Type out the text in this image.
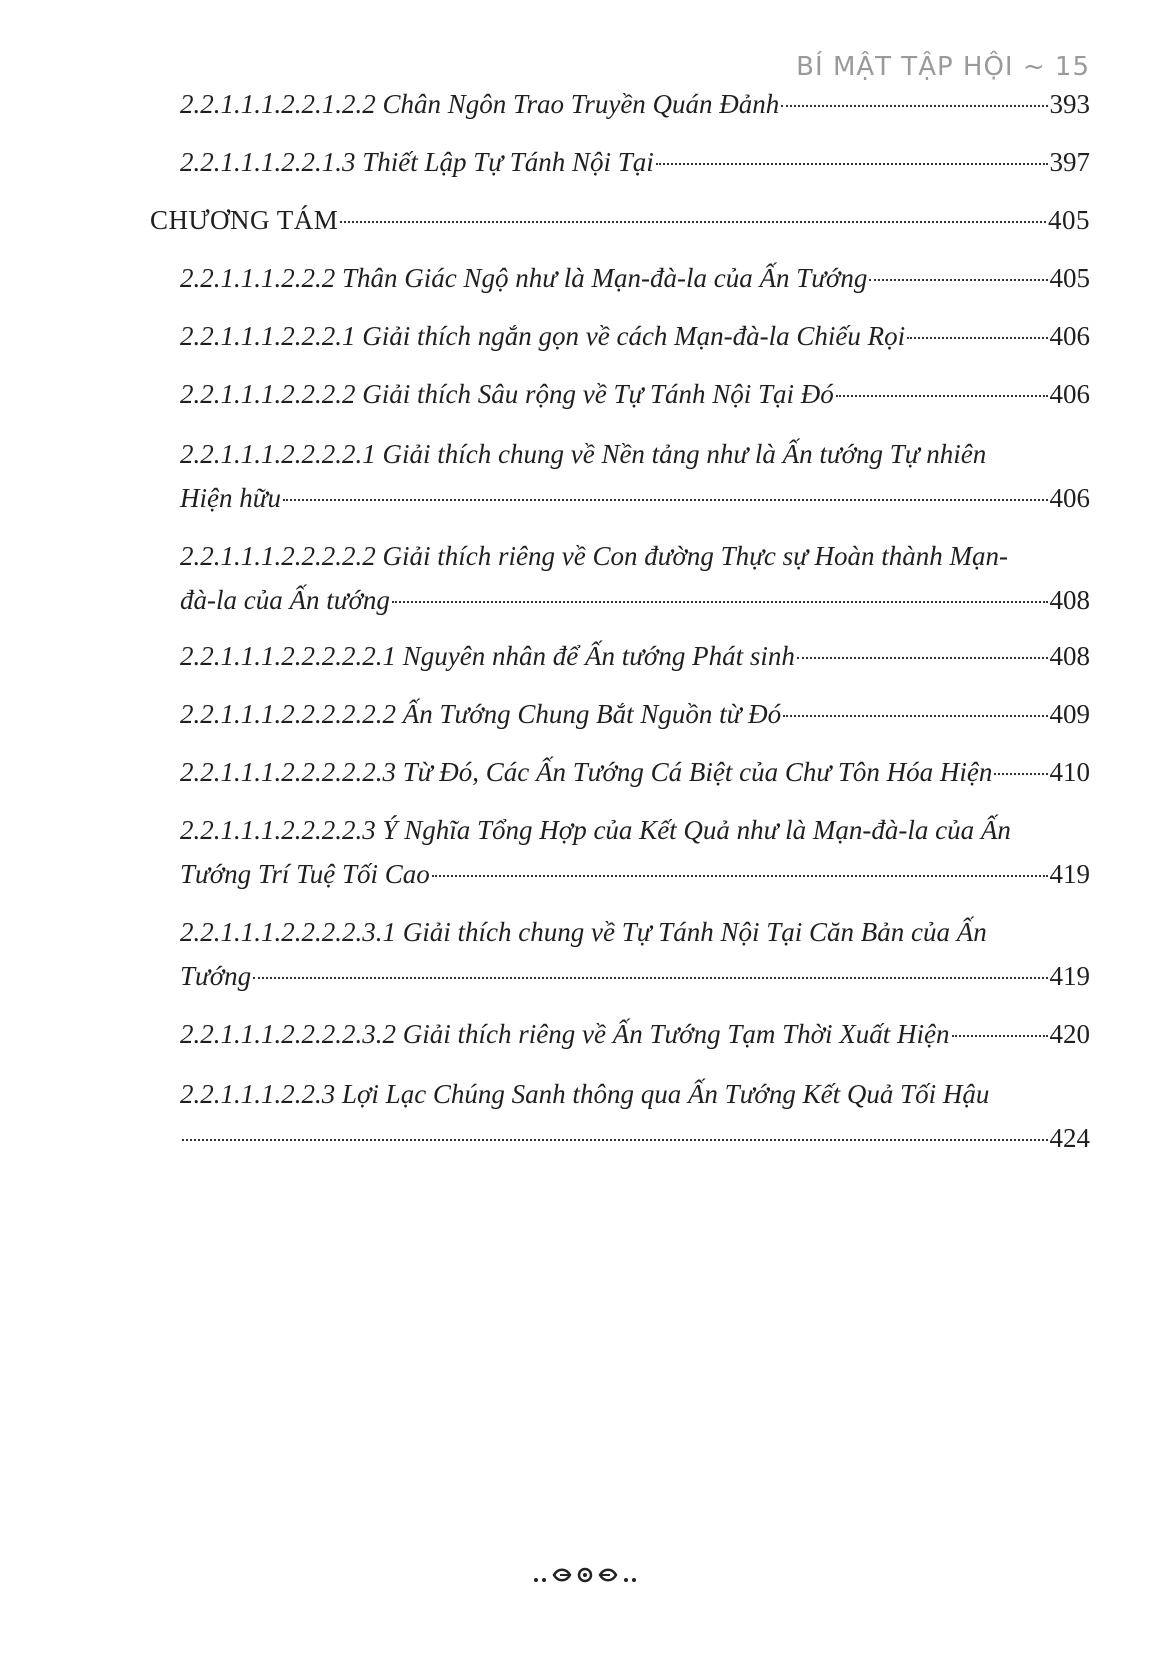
BÍ MẬT TẬP HỘI ~ 15
2.2.1.1.1.2.2.1.2.2 Chân Ngôn Trao Truyền Quán Đảnh	393
2.2.1.1.1.2.2.1.3 Thiết Lập Tự Tánh Nội Tại	397
CHƯƠNG TÁM	405
2.2.1.1.1.2.2.2 Thân Giác Ngộ như là Mạn-đà-la của Ấn Tướng	405
2.2.1.1.1.2.2.2.1 Giải thích ngắn gọn về cách Mạn-đà-la Chiếu Rọi	406
2.2.1.1.1.2.2.2.2 Giải thích Sâu rộng về Tự Tánh Nội Tại Đó	406
2.2.1.1.1.2.2.2.2.1 Giải thích chung về Nền tảng như là Ấn tướng Tự nhiên
Hiện hữu	406
2.2.1.1.1.2.2.2.2.2 Giải thích riêng về Con đường Thực sự Hoàn thành Mạn-
đà-la của Ấn tướng	408
2.2.1.1.1.2.2.2.2.2.1 Nguyên nhân để Ấn tướng Phát sinh	408
2.2.1.1.1.2.2.2.2.2.2 Ấn Tướng Chung Bắt Nguồn từ Đó	409
2.2.1.1.1.2.2.2.2.2.3 Từ Đó, Các Ấn Tướng Cá Biệt của Chư Tôn Hóa Hiện 410
2.2.1.1.1.2.2.2.2.3 Ý Nghĩa Tổng Hợp của Kết Quả như là Mạn-đà-la của Ấn
Tướng Trí Tuệ Tối Cao	419
2.2.1.1.1.2.2.2.2.3.1 Giải thích chung về Tự Tánh Nội Tại Căn Bản của Ấn
Tướng	419
2.2.1.1.1.2.2.2.2.3.2 Giải thích riêng về Ấn Tướng Tạm Thời Xuất Hiện	420
2.2.1.1.1.2.2.3 Lợi Lạc Chúng Sanh thông qua Ấn Tướng Kết Quả Tối Hậu
424
